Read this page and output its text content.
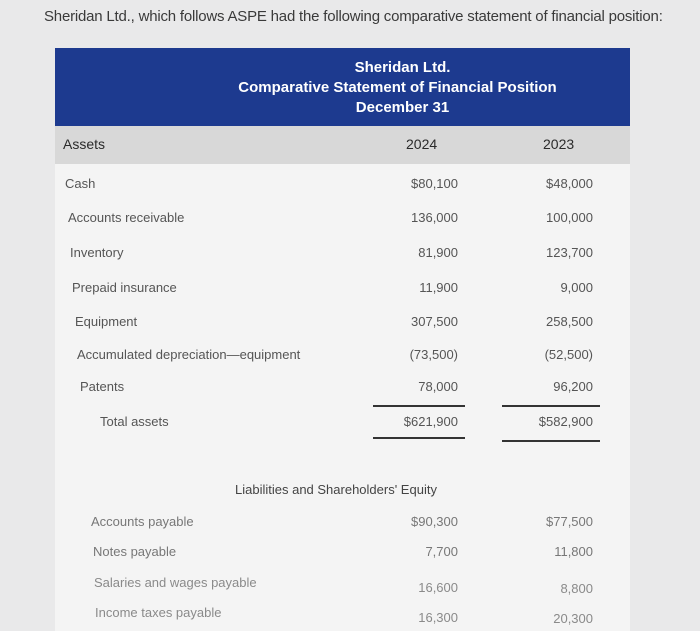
Sheridan Ltd., which follows ASPE had the following comparative statement of financial position:
Sheridan Ltd.
Comparative Statement of Financial Position
December 31
Assets	2024	2023
Cash	$80,100	$48,000
Accounts receivable	136,000	100,000
Inventory	81,900	123,700
Prepaid insurance	11,900	9,000
Equipment	307,500	258,500
Accumulated depreciation—equipment	(73,500)	(52,500)
Patents	78,000	96,200
Total assets	$621,900	$582,900
Liabilities and Shareholders' Equity
Accounts payable	$90,300	$77,500
Notes payable	7,700	11,800
Salaries and wages payable	16,600	8,800
Income taxes payable	16,300	20,300
